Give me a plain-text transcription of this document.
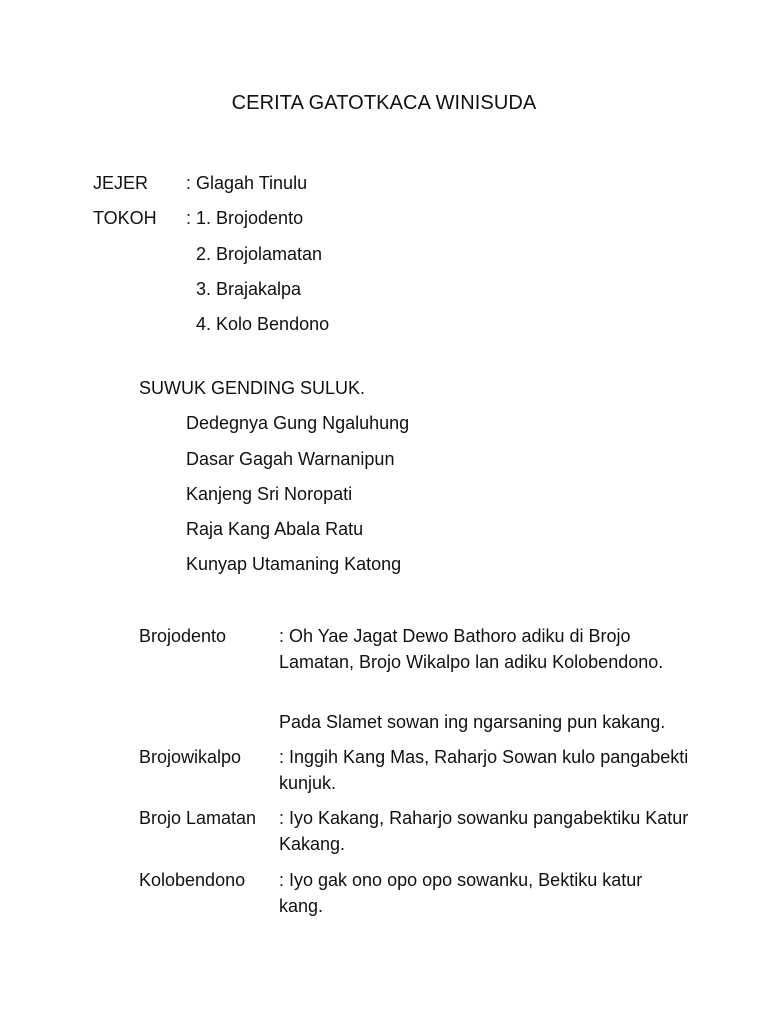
CERITA GATOTKACA WINISUDA
JEJER : Glagah Tinulu
TOKOH : 1. Brojodento
2. Brojolamatan
3. Brajakalpa
4. Kolo Bendono
SUWUK GENDING SULUK.
Dedegnya Gung Ngaluhung
Dasar Gagah Warnanipun
Kanjeng Sri Noropati
Raja Kang Abala Ratu
Kunyap Utamaning Katong
Brojodento	: Oh Yae Jagat Dewo Bathoro adiku di Brojo Lamatan, Brojo Wikalpo lan adiku Kolobendono.
Pada Slamet sowan ing ngarsaning pun kakang.
Brojowikalpo : Inggih Kang Mas, Raharjo Sowan kulo pangabekti kunjuk.
Brojo Lamatan : Iyo Kakang, Raharjo sowanku pangabektiku Katur Kakang.
Kolobendono : Iyo gak ono opo opo sowanku, Bektiku katur kang.
